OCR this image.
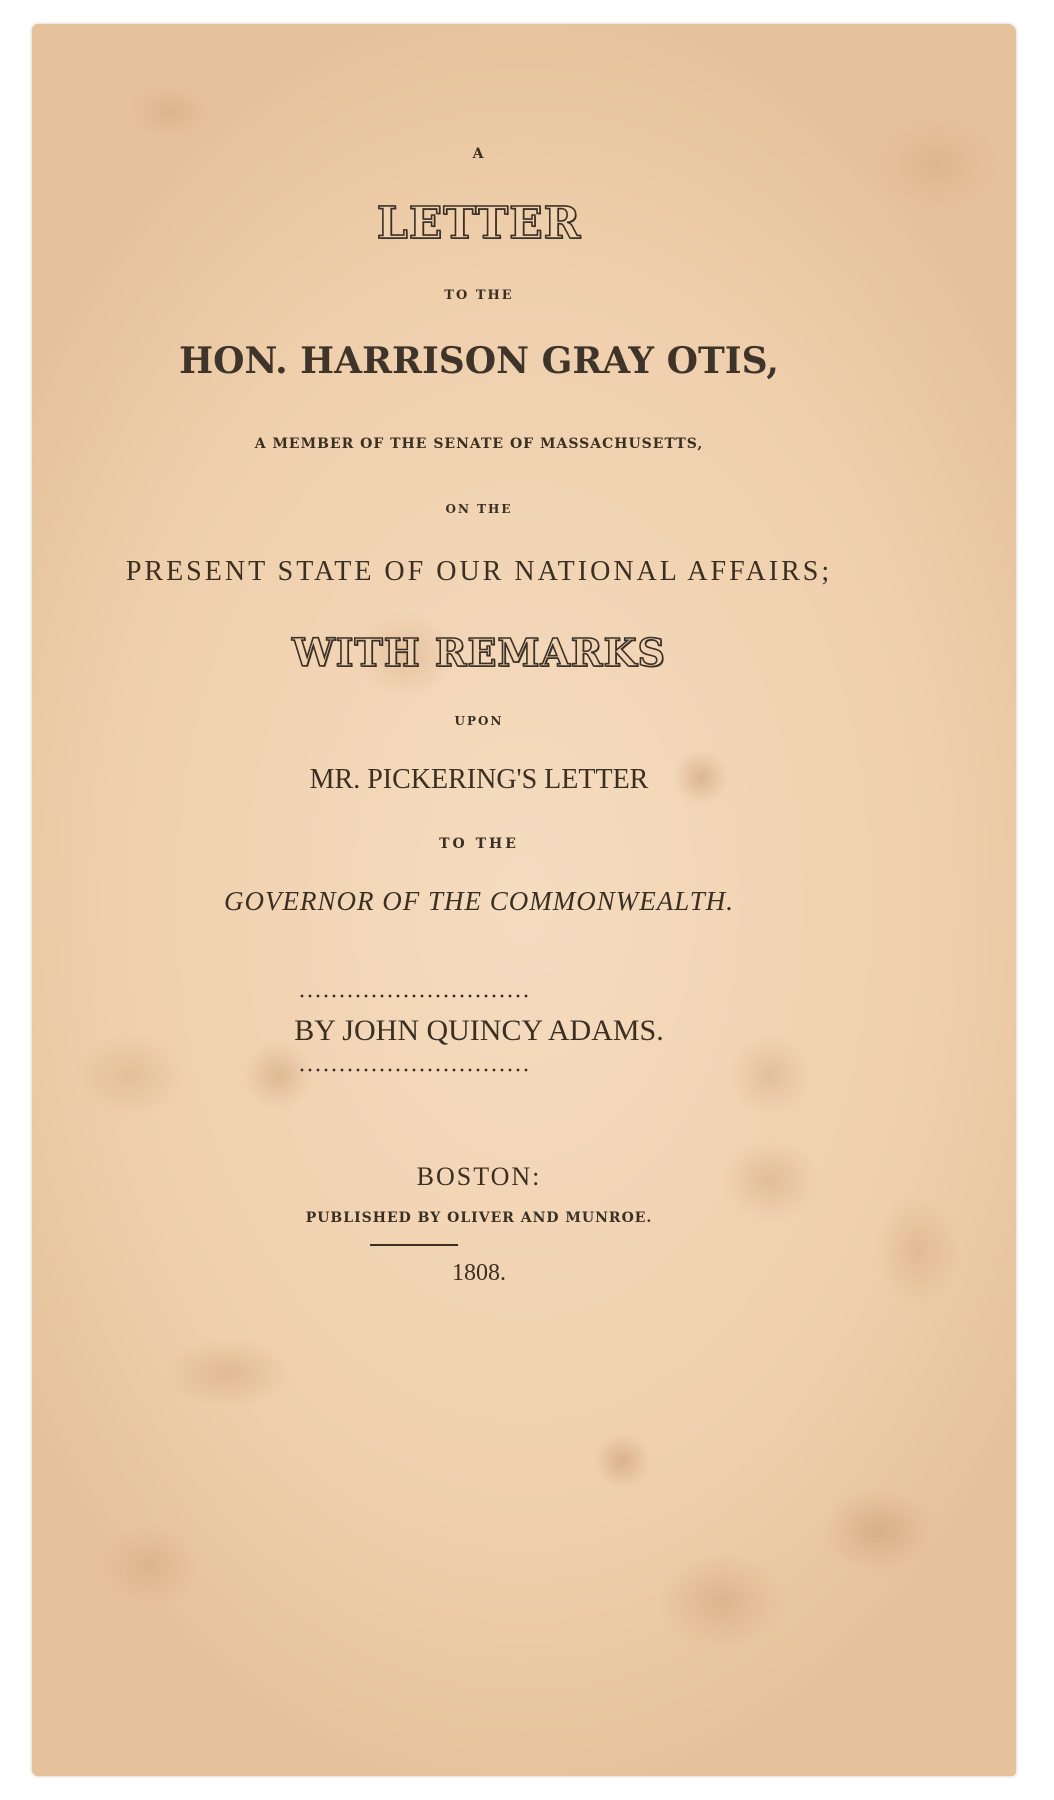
A
LETTER
TO THE
HON. HARRISON GRAY OTIS,
A MEMBER OF THE SENATE OF MASSACHUSETTS,
ON THE
PRESENT STATE OF OUR NATIONAL AFFAIRS;
WITH REMARKS
UPON
MR. PICKERING'S LETTER
TO THE
GOVERNOR OF THE COMMONWEALTH.
BY JOHN QUINCY ADAMS.
BOSTON:
PUBLISHED BY OLIVER AND MUNROE.
1808.
